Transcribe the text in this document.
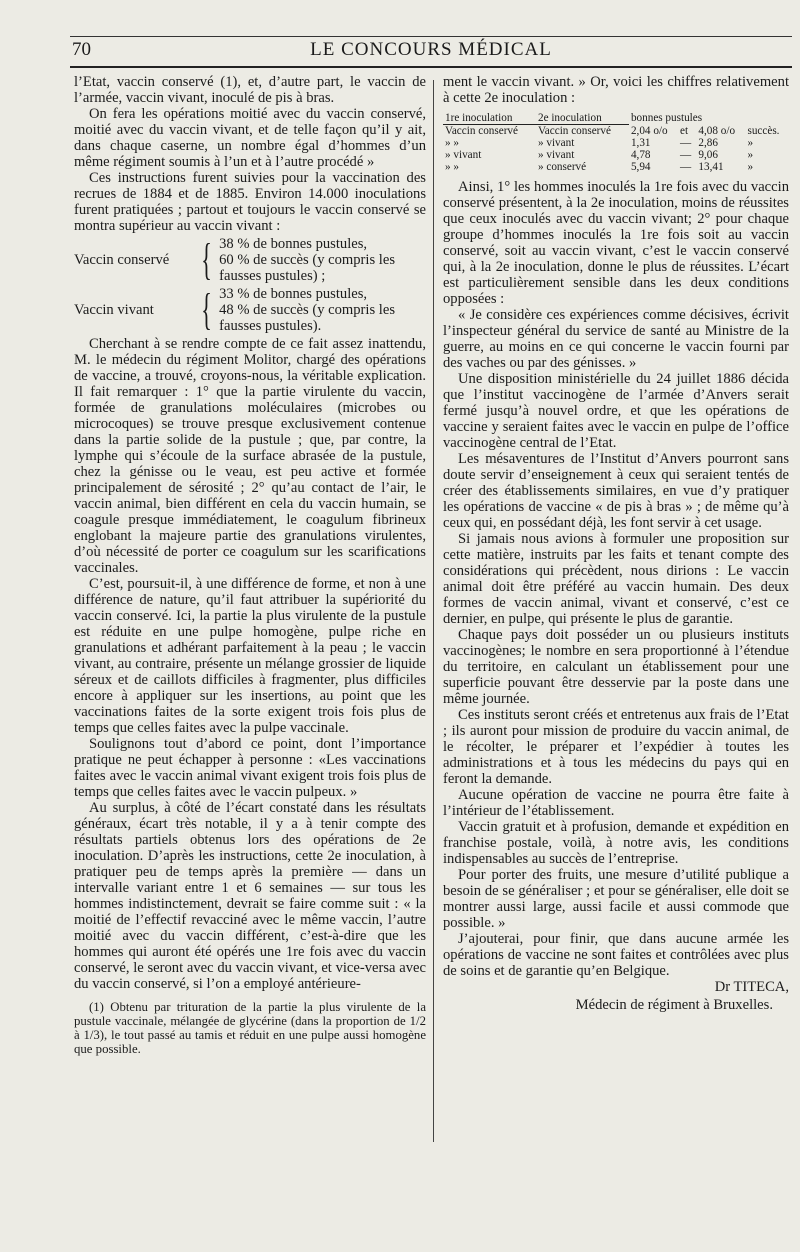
70	LE CONCOURS MÉDICAL

l’Etat, vaccin conservé (1), et, d’autre part, le vaccin de l’armée, vaccin vivant, inoculé de pis à bras.

On fera les opérations moitié avec du vaccin conservé, moitié avec du vaccin vivant, et de telle façon qu’il y ait, dans chaque caserne, un nombre égal d’hommes d’un même régiment soumis à l’un et à l’autre procédé »

Ces instructions furent suivies pour la vaccination des recrues de 1884 et de 1885. Environ 14.000 inoculations furent pratiquées ; partout et toujours le vaccin conservé se montra supérieur au vaccin vivant :

Vaccin conservé { 38 % de bonnes pustules,
60 % de succès (y compris les
fausses pustules) ;
Vaccin vivant	{ 33 % de bonnes pustules,
48 % de succès (y compris les
fausses pustules).

Cherchant à se rendre compte de ce fait assez inattendu, M. le médecin du régiment Molitor, chargé des opérations de vaccine, a trouvé, croyons-nous, la véritable explication. Il fait remarquer : 1° que la partie virulente du vaccin, formée de granulations moléculaires (microbes ou microcoques) se trouve presque exclusivement contenue dans la partie solide de la pustule ; que, par contre, la lymphe qui s’écoule de la surface abrasée de la pustule, chez la génisse ou le veau, est peu active et formée principalement de sérosité ; 2° qu’au contact de l’air, le vaccin animal, bien différent en cela du vaccin humain, se coagule presque immédiatement, le coagulum fibrineux englobant la majeure partie des granulations virulentes, d’où nécessité de porter ce coagulum sur les scarifications vaccinales.

C’est, poursuit-il, à une différence de forme, et non à une différence de nature, qu’il faut attribuer la supériorité du vaccin conservé. Ici, la partie la plus virulente de la pustule est réduite en une pulpe homogène, pulpe riche en granulations et adhérant parfaitement à la peau ; le vaccin vivant, au contraire, présente un mélange grossier de liquide séreux et de caillots difficiles à fragmenter, plus difficiles encore à appliquer sur les insertions, au point que les vaccinations faites de la sorte exigent trois fois plus de temps que celles faites avec la pulpe vaccinale.

Soulignons tout d’abord ce point, dont l’importance pratique ne peut échapper à personne : «Les vaccinations faites avec le vaccin animal vivant exigent trois fois plus de temps que celles faites avec le vaccin pulpeux. »

Au surplus, à côté de l’écart constaté dans les résultats généraux, écart très notable, il y a à tenir compte des résultats partiels obtenus lors des opérations de 2e inoculation. D’après les instructions, cette 2e inoculation, à pratiquer peu de temps après la première — dans un intervalle variant entre 1 et 6 semaines — sur tous les hommes indistinctement, devrait se faire comme suit : « la moitié de l’effectif revacciné avec le même vaccin, l’autre moitié avec du vaccin différent, c’est-à-dire que les hommes qui auront été opérés une 1re fois avec du vaccin conservé, le seront avec du vaccin vivant, et vice-versa avec du vaccin conservé, si l’on a employé antérieure-

(1) Obtenu par trituration de la partie la plus virulente de la pustule vaccinale, mélangée de glycérine (dans la proportion de 1/2 à 1/3), le tout passé au tamis et réduit en une pulpe aussi homogène que possible.

ment le vaccin vivant. » Or, voici les chiffres relativement à cette 2e inoculation :

1re inoculation	2e inoculation	bonnes pustules			
Vaccin conservé	Vaccin conservé	2,04 o/o	et	4,08 o/o	succès.
» »	» vivant	1,31	—	2,86	»
» vivant	» vivant	4,78	—	9,06	»
» »	» conservé	5,94	—	13,41	»

Ainsi, 1° les hommes inoculés la 1re fois avec du vaccin conservé présentent, à la 2e inoculation, moins de réussites que ceux inoculés avec du vaccin vivant; 2° pour chaque groupe d’hommes inoculés la 1re fois soit au vaccin conservé, soit au vaccin vivant, c’est le vaccin conservé qui, à la 2e inoculation, donne le plus de réussites. L’écart est particulièrement sensible dans les deux conditions opposées :

« Je considère ces expériences comme décisives, écrivit l’inspecteur général du service de santé au Ministre de la guerre, au moins en ce qui concerne le vaccin fourni par des vaches ou par des génisses. »

Une disposition ministérielle du 24 juillet 1886 décida que l’institut vaccinogène de l’armée d’Anvers serait fermé jusqu’à nouvel ordre, et que les opérations de vaccine y seraient faites avec le vaccin en pulpe de l’office vaccinogène central de l’Etat.

Les mésaventures de l’Institut d’Anvers pourront sans doute servir d’enseignement à ceux qui seraient tentés de créer des établissements similaires, en vue d’y pratiquer les opérations de vaccine « de pis à bras » ; de même qu’à ceux qui, en possédant déjà, les font servir à cet usage.

Si jamais nous avions à formuler une proposition sur cette matière, instruits par les faits et tenant compte des considérations qui précèdent, nous dirions : Le vaccin animal doit être préféré au vaccin humain. Des deux formes de vaccin animal, vivant et conservé, c’est ce dernier, en pulpe, qui présente le plus de garantie.

Chaque pays doit posséder un ou plusieurs instituts vaccinogènes; le nombre en sera proportionné à l’étendue du territoire, en calculant un établissement pour une superficie pouvant être desservie par la poste dans une même journée.

Ces instituts seront créés et entretenus aux frais de l’Etat ; ils auront pour mission de produire du vaccin animal, de le récolter, le préparer et l’expédier à toutes les administrations et à tous les médecins du pays qui en feront la demande.

Aucune opération de vaccine ne pourra être faite à l’intérieur de l’établissement.

Vaccin gratuit et à profusion, demande et expédition en franchise postale, voilà, à notre avis, les conditions indispensables au succès de l’entreprise.

Pour porter des fruits, une mesure d’utilité publique a besoin de se généraliser ; et pour se généraliser, elle doit se montrer aussi large, aussi facile et aussi commode que possible. »

J’ajouterai, pour finir, que dans aucune armée les opérations de vaccine ne sont faites et contrôlées avec plus de soins et de garantie qu’en Belgique.

Dr TITECA,

Médecin de régiment à Bruxelles.
